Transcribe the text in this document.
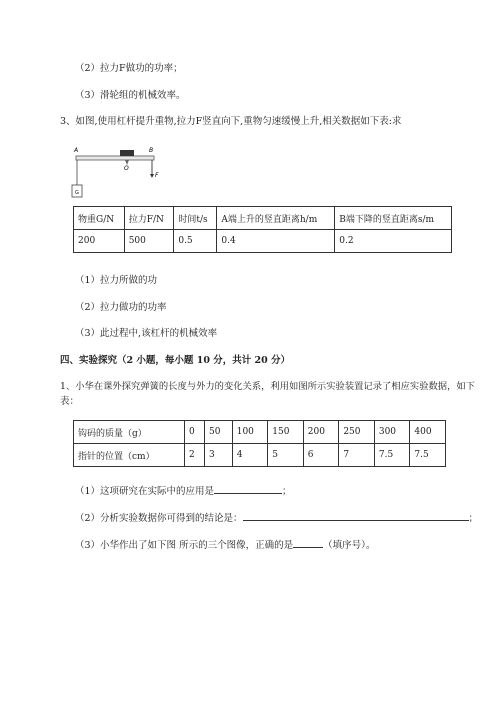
（2）拉力F做功的功率；
（3）滑轮组的机械效率。
3、如图,使用杠杆提升重物,拉力F竖直向下,重物匀速缓慢上升,相关数据如下表:求
G
A	B
O
F
物重G/N	拉力F/N	时间t/s	A端上升的竖直距离h/m	B端下降的竖直距离s/m
200	500	0.5	0.4	0.2
（1）拉力所做的功
（2）拉力做功的功率
（3）此过程中,该杠杆的机械效率
四、实验探究（2 小题，每小题 10 分，共计 20 分）
1、小华在课外探究弹簧的长度与外力的变化关系，利用如图所示实验装置记录了相应实验数据，如下
表：
钩码的质量（g）	0	50	100	150	200	250	300	400
指针的位置（cm）	2	3	4	5	6	7	7.5	7.5
（1）这项研究在实际中的应用是	；
（2）分析实验数据你可得到的结论是：	；
（3）小华作出了如下图 所示的三个图像，正确的是	（填序号）。
